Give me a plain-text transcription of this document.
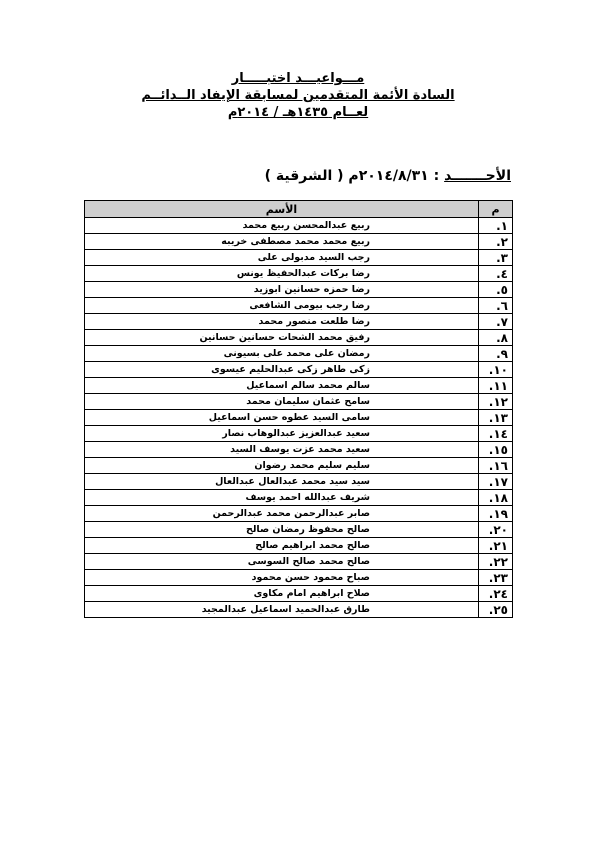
مـــواعيـــد اختبـــــار
السادة الأئمة المتقدمين لمسابقة الإيفاد الــدائــم
لعــام ١٤٣٥هـ / ٢٠١٤م
الأحـــــــد : ٢٠١٤/٨/٣١م ( الشرقية )
م	الأسم
١.	ربيع عبدالمحسن ربيع محمد
٢.	ربيع محمد محمد مصطفى خريبه
٣.	رجب السيد مدبولى على
٤.	رضا بركات عبدالحفيظ يونس
٥.	رضا حمزه حسانين ابوزيد
٦.	رضا رجب بيومى الشافعى
٧.	رضا طلعت منصور محمد
٨.	رفيق محمد الشحات حسانين حسانين
٩.	رمضان على محمد على بسيونى
١٠.	زكى طاهر زكى عبدالحليم عيسوى
١١.	سالم محمد سالم اسماعيل
١٢.	سامح عثمان سليمان محمد
١٣.	سامى السيد عطوه حسن اسماعيل
١٤.	سعيد عبدالعزيز عبدالوهاب نصار
١٥.	سعيد محمد عزت يوسف السيد
١٦.	سليم سليم محمد رضوان
١٧.	سيد سيد محمد عبدالعال عبدالعال
١٨.	شريف عبدالله احمد يوسف
١٩.	صابر عبدالرحمن محمد عبدالرحمن
٢٠.	صالح محفوظ رمضان صالح
٢١.	صالح محمد ابراهيم صالح
٢٢.	صالح محمد صالح السوسى
٢٣.	صباح محمود حسن محمود
٢٤.	صلاح ابراهيم امام مكاوى
٢٥.	طارق عبدالحميد اسماعيل عبدالمجيد
